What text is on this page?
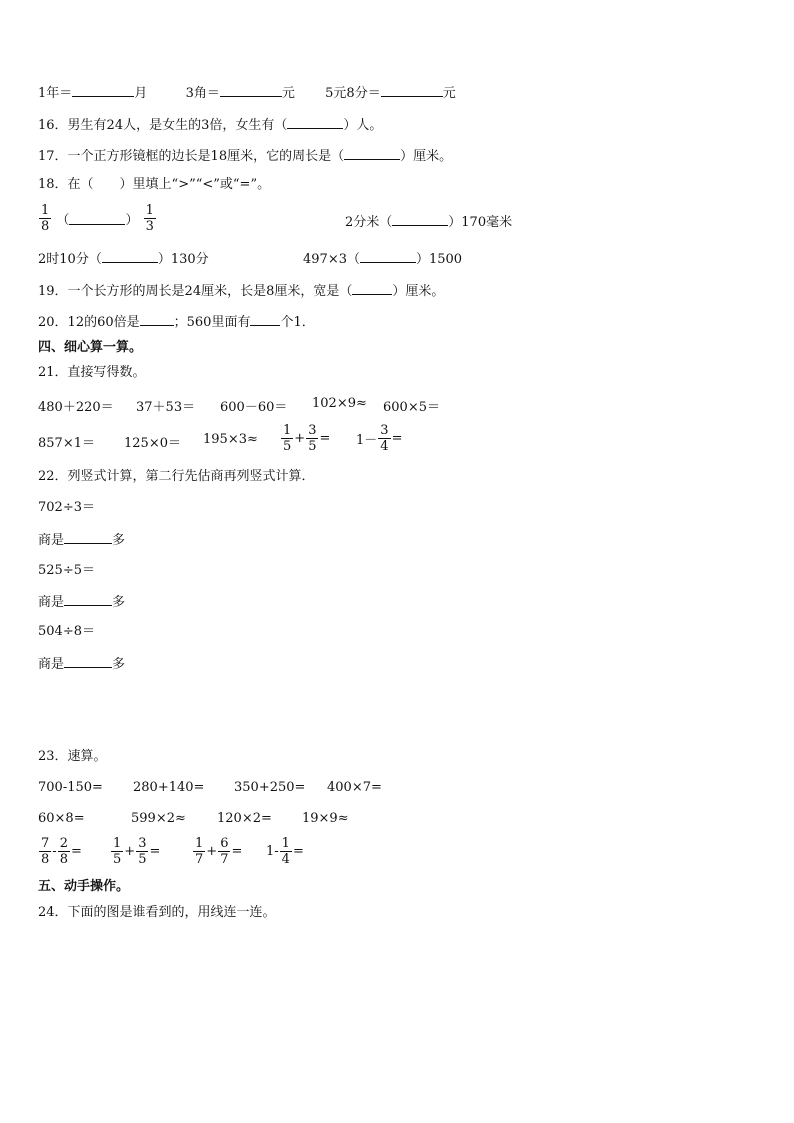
1年＝	月	3角＝	元 5元8分＝	元
16．男生有24人，是女生的3倍，女生有（	）人。
17．一个正方形镜框的边长是18厘米，它的周长是（	）厘米。
18．在（　　）里填上“>”“<”或“=”。
$\frac{1}{8}$ （	） $\frac{1}{3}$	2分米（	）170毫米
2时10分（	）130分	497×3（	）1500
19．一个长方形的周长是24厘米，长是8厘米，宽是（	）厘米。
20．12的60倍是	；560里面有 个1．
四、细心算一算。
21．直接写得数。
480＋220＝ 37＋53＝ 600－60＝ 102×9≈ 600×5＝
$857\times 1= 125\times 0= 195\times 3\approx \frac{1}{5} + \frac{3}{5} = 1- \frac{3}{4}$ =
22．列竖式计算，第二行先估商再列竖式计算．
702÷3＝
商是	多
525÷5＝
商是	多
504÷8＝
商是	多
23．速算。
700-150= 280+140= 350+250= 400×7=
60×8=	599×2≈ 120×2= 19×9≈
$\frac{7}{8} - \frac{2}{8} = \frac{1}{5} + \frac{3}{5}$ =	$\frac{1}{7} + \frac{6}{7} = 1- \frac{1}{4}$ =
五、动手操作。
24．下面的图是谁看到的，用线连一连。
